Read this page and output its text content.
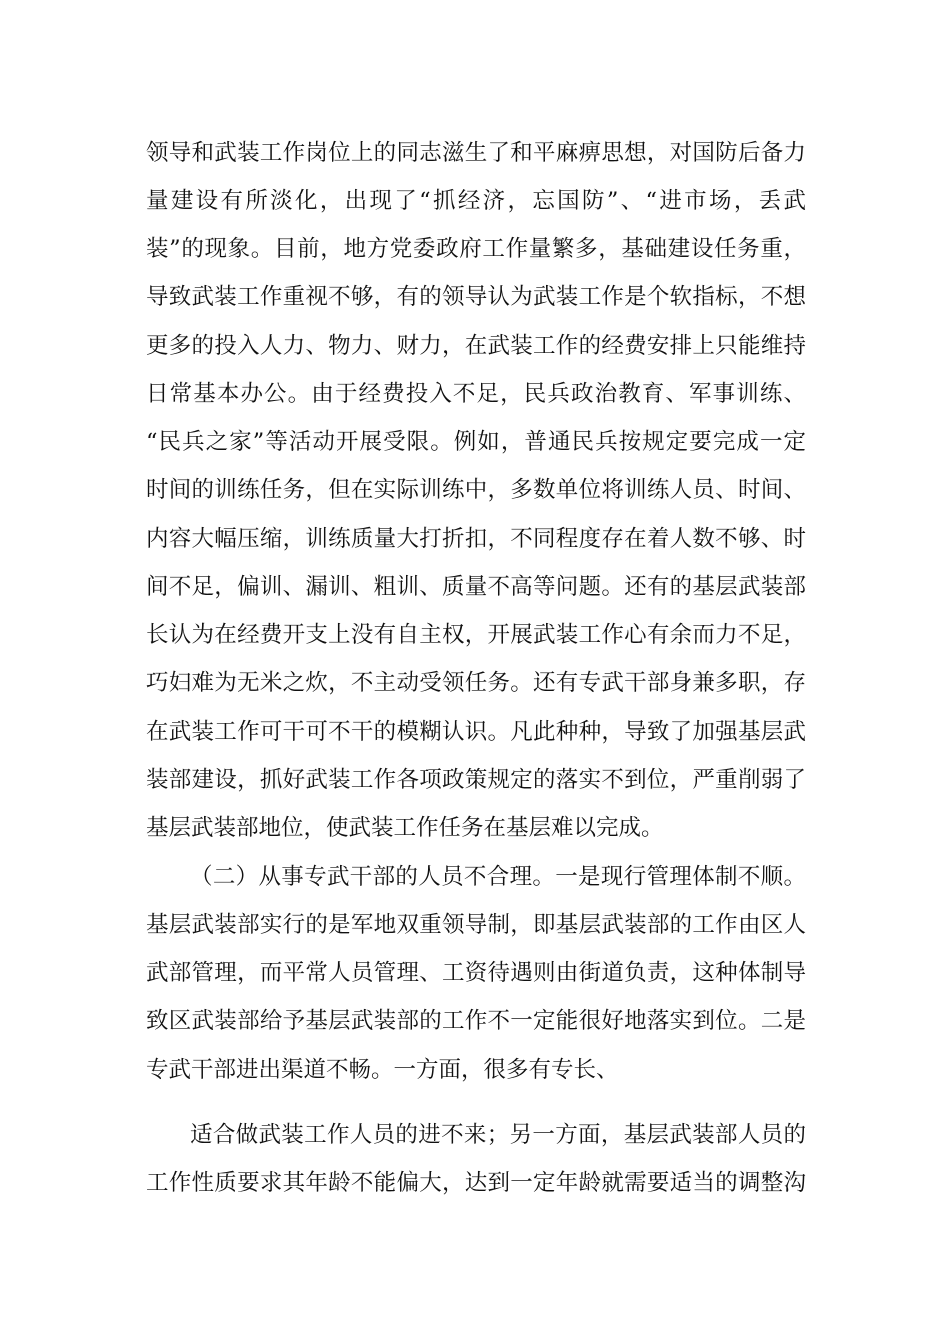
领导和武装工作岗位上的同志滋生了和平麻痹思想，对国防后备力
量建设有所淡化，出现了“抓经济，忘国防”、“进市场，丢武
装”的现象。目前，地方党委政府工作量繁多，基础建设任务重，
导致武装工作重视不够，有的领导认为武装工作是个软指标，不想
更多的投入人力、物力、财力，在武装工作的经费安排上只能维持
日常基本办公。由于经费投入不足，民兵政治教育、军事训练、
“民兵之家”等活动开展受限。例如，普通民兵按规定要完成一定
时间的训练任务，但在实际训练中，多数单位将训练人员、时间、
内容大幅压缩，训练质量大打折扣，不同程度存在着人数不够、时
间不足，偏训、漏训、粗训、质量不高等问题。还有的基层武装部
长认为在经费开支上没有自主权，开展武装工作心有余而力不足，
巧妇难为无米之炊，不主动受领任务。还有专武干部身兼多职，存
在武装工作可干可不干的模糊认识。凡此种种，导致了加强基层武
装部建设，抓好武装工作各项政策规定的落实不到位，严重削弱了
基层武装部地位，使武装工作任务在基层难以完成。
（二）从事专武干部的人员不合理。一是现行管理体制不顺。
基层武装部实行的是军地双重领导制，即基层武装部的工作由区人
武部管理，而平常人员管理、工资待遇则由街道负责，这种体制导
致区武装部给予基层武装部的工作不一定能很好地落实到位。二是
专武干部进出渠道不畅。一方面，很多有专长、
适合做武装工作人员的进不来；另一方面，基层武装部人员的
工作性质要求其年龄不能偏大，达到一定年龄就需要适当的调整沟
